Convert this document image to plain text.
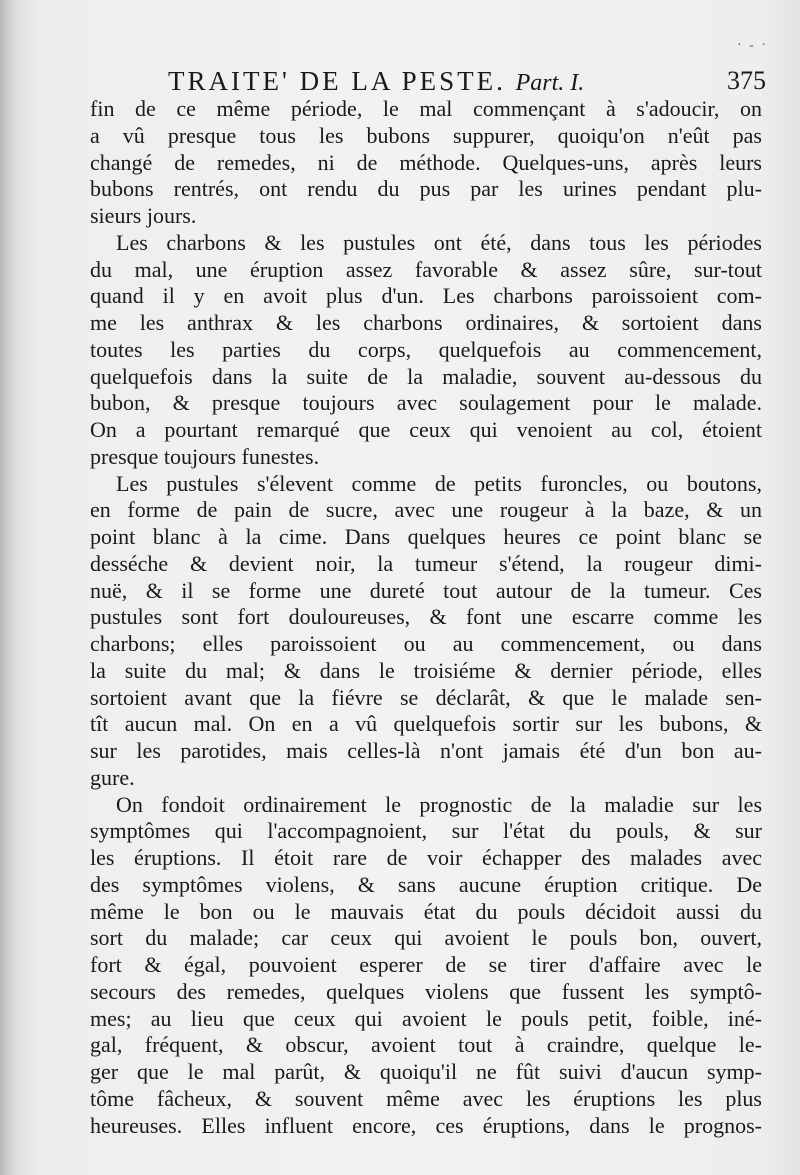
· - ·
TRAITE' DE LA PESTE. Part. I.	375
fin de ce même période, le mal commençant à s'adoucir, on
a vû presque tous les bubons suppurer, quoiqu'on n'eût pas
changé de remedes, ni de méthode. Quelques-uns, après leurs
bubons rentrés, ont rendu du pus par les urines pendant plu-
sieurs jours.
Les charbons & les pustules ont été, dans tous les périodes
du mal, une éruption assez favorable & assez sûre, sur-tout
quand il y en avoit plus d'un. Les charbons paroissoient com-
me les anthrax & les charbons ordinaires, & sortoient dans
toutes les parties du corps, quelquefois au commencement,
quelquefois dans la suite de la maladie, souvent au-dessous du
bubon, & presque toujours avec soulagement pour le malade.
On a pourtant remarqué que ceux qui venoient au col, étoient
presque toujours funestes.
Les pustules s'élevent comme de petits furoncles, ou boutons,
en forme de pain de sucre, avec une rougeur à la baze, & un
point blanc à la cime. Dans quelques heures ce point blanc se
desséche & devient noir, la tumeur s'étend, la rougeur dimi-
nuë, & il se forme une dureté tout autour de la tumeur. Ces
pustules sont fort douloureuses, & font une escarre comme les
charbons; elles paroissoient ou au commencement, ou dans
la suite du mal; & dans le troisiéme & dernier période, elles
sortoient avant que la fiévre se déclarât, & que le malade sen-
tît aucun mal. On en a vû quelquefois sortir sur les bubons, &
sur les parotides, mais celles-là n'ont jamais été d'un bon au-
gure.
On fondoit ordinairement le prognostic de la maladie sur les
symptômes qui l'accompagnoient, sur l'état du pouls, & sur
les éruptions. Il étoit rare de voir échapper des malades avec
des symptômes violens, & sans aucune éruption critique. De
même le bon ou le mauvais état du pouls décidoit aussi du
sort du malade; car ceux qui avoient le pouls bon, ouvert,
fort & égal, pouvoient esperer de se tirer d'affaire avec le
secours des remedes, quelques violens que fussent les symptô-
mes; au lieu que ceux qui avoient le pouls petit, foible, iné-
gal, fréquent, & obscur, avoient tout à craindre, quelque le-
ger que le mal parût, & quoiqu'il ne fût suivi d'aucun symp-
tôme fâcheux, & souvent même avec les éruptions les plus
heureuses. Elles influent encore, ces éruptions, dans le prognos-
